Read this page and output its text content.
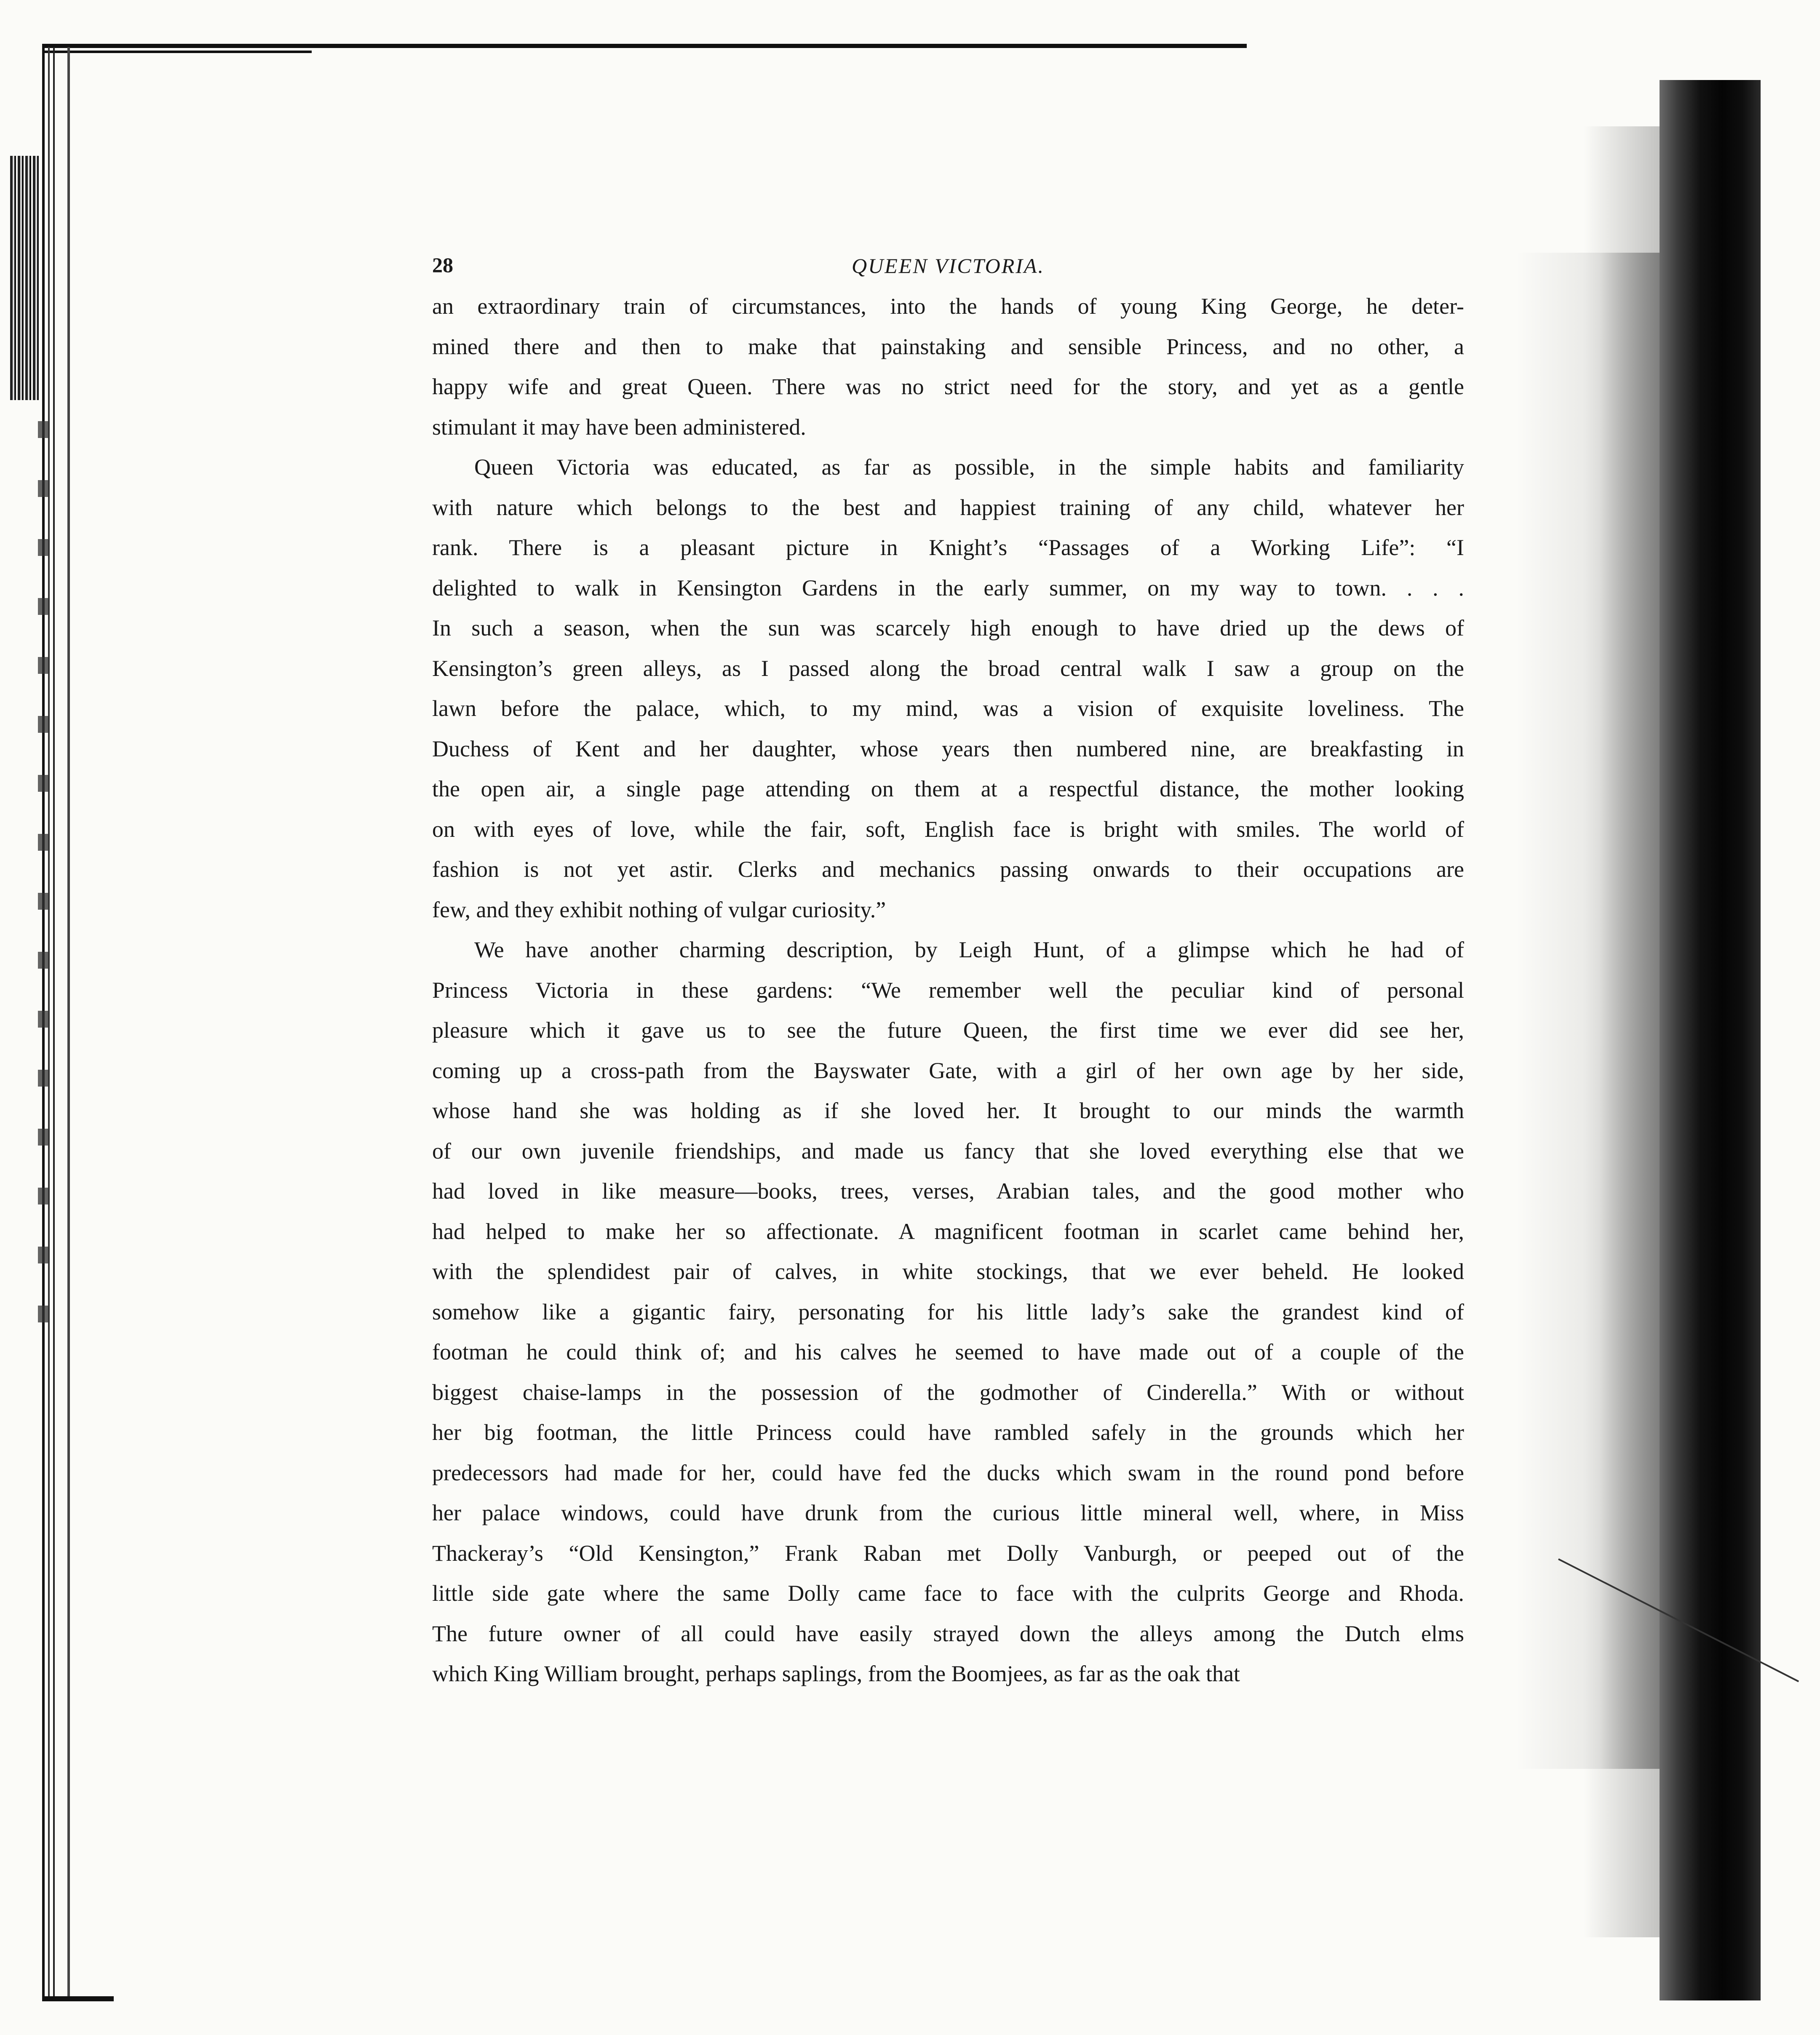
28	QUEEN VICTORIA.

an extraordinary train of circumstances, into the hands of young King George, he deter-
mined there and then to make that painstaking and sensible Princess, and no other, a
happy wife and great Queen. There was no strict need for the story, and yet as a gentle
stimulant it may have been administered.

Queen Victoria was educated, as far as possible, in the simple habits and familiarity
with nature which belongs to the best and happiest training of any child, whatever her
rank. There is a pleasant picture in Knight’s “Passages of a Working Life”: “I
delighted to walk in Kensington Gardens in the early summer, on my way to town. . . .
In such a season, when the sun was scarcely high enough to have dried up the dews of
Kensington’s green alleys, as I passed along the broad central walk I saw a group on the
lawn before the palace, which, to my mind, was a vision of exquisite loveliness. The
Duchess of Kent and her daughter, whose years then numbered nine, are breakfasting in
the open air, a single page attending on them at a respectful distance, the mother looking
on with eyes of love, while the fair, soft, English face is bright with smiles. The world of
fashion is not yet astir. Clerks and mechanics passing onwards to their occupations are
few, and they exhibit nothing of vulgar curiosity.”

We have another charming description, by Leigh Hunt, of a glimpse which he had of
Princess Victoria in these gardens: “We remember well the peculiar kind of personal
pleasure which it gave us to see the future Queen, the first time we ever did see her,
coming up a cross-path from the Bayswater Gate, with a girl of her own age by her side,
whose hand she was holding as if she loved her. It brought to our minds the warmth
of our own juvenile friendships, and made us fancy that she loved everything else that we
had loved in like measure—books, trees, verses, Arabian tales, and the good mother who
had helped to make her so affectionate. A magnificent footman in scarlet came behind her,
with the splendidest pair of calves, in white stockings, that we ever beheld. He looked
somehow like a gigantic fairy, personating for his little lady’s sake the grandest kind of
footman he could think of; and his calves he seemed to have made out of a couple of the
biggest chaise-lamps in the possession of the godmother of Cinderella.” With or without
her big footman, the little Princess could have rambled safely in the grounds which her
predecessors had made for her, could have fed the ducks which swam in the round pond before
her palace windows, could have drunk from the curious little mineral well, where, in Miss
Thackeray’s “Old Kensington,” Frank Raban met Dolly Vanburgh, or peeped out of the
little side gate where the same Dolly came face to face with the culprits George and Rhoda.
The future owner of all could have easily strayed down the alleys among the Dutch elms
which King William brought, perhaps saplings, from the Boomjees, as far as the oak that
